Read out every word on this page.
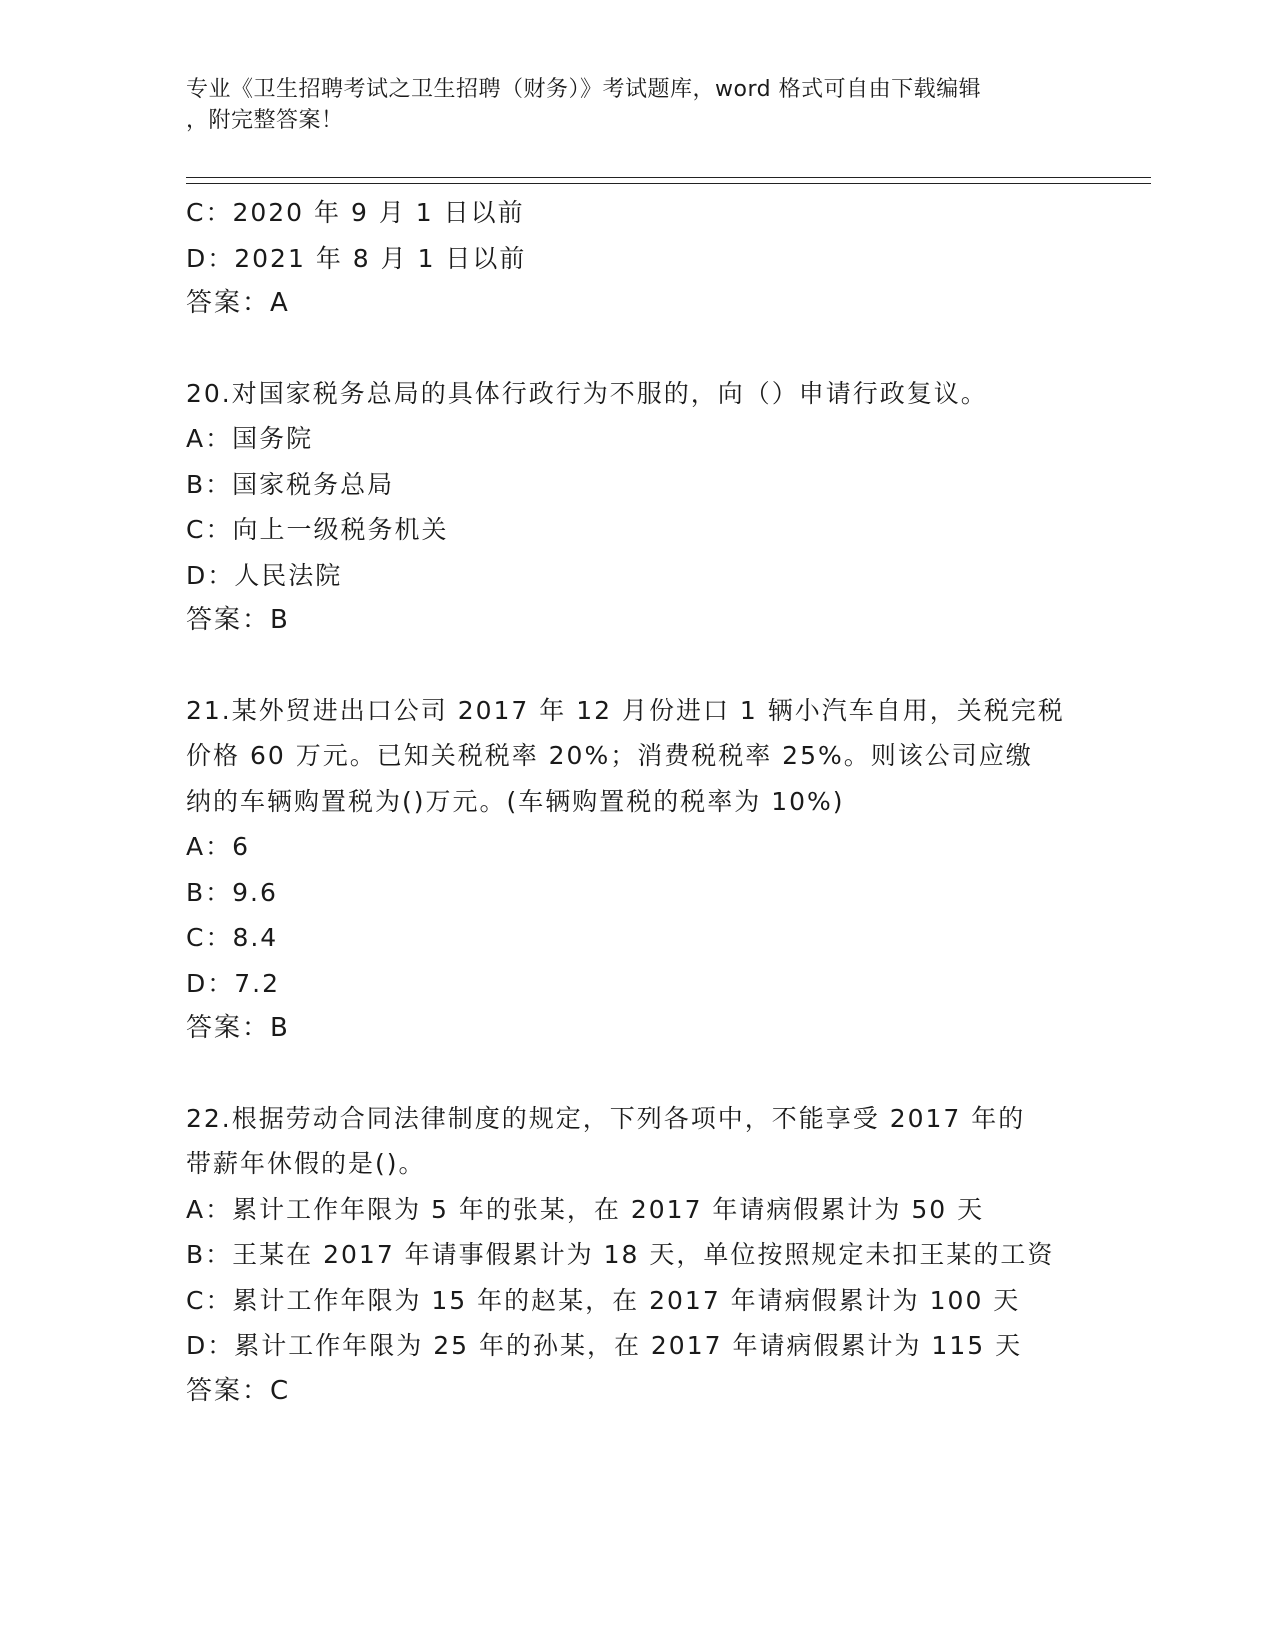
专业《卫生招聘考试之卫生招聘（财务）》考试题库，word 格式可自由下载编辑
，附完整答案！
C：2020 年 9 月 1 日以前
D：2021 年 8 月 1 日以前
答案：A
20.对国家税务总局的具体行政行为不服的，向（）申请行政复议。
A：国务院
B：国家税务总局
C：向上一级税务机关
D：人民法院
答案：B
21.某外贸进出口公司 2017 年 12 月份进口 1 辆小汽车自用，关税完税
价格 60 万元。已知关税税率 20%；消费税税率 25%。则该公司应缴
纳的车辆购置税为()万元。(车辆购置税的税率为 10%)
A：6
B：9.6
C：8.4
D：7.2
答案：B
22.根据劳动合同法律制度的规定，下列各项中，不能享受 2017 年的
带薪年休假的是()。
A：累计工作年限为 5 年的张某，在 2017 年请病假累计为 50 天
B：王某在 2017 年请事假累计为 18 天，单位按照规定未扣王某的工资
C：累计工作年限为 15 年的赵某，在 2017 年请病假累计为 100 天
D：累计工作年限为 25 年的孙某，在 2017 年请病假累计为 115 天
答案：C
